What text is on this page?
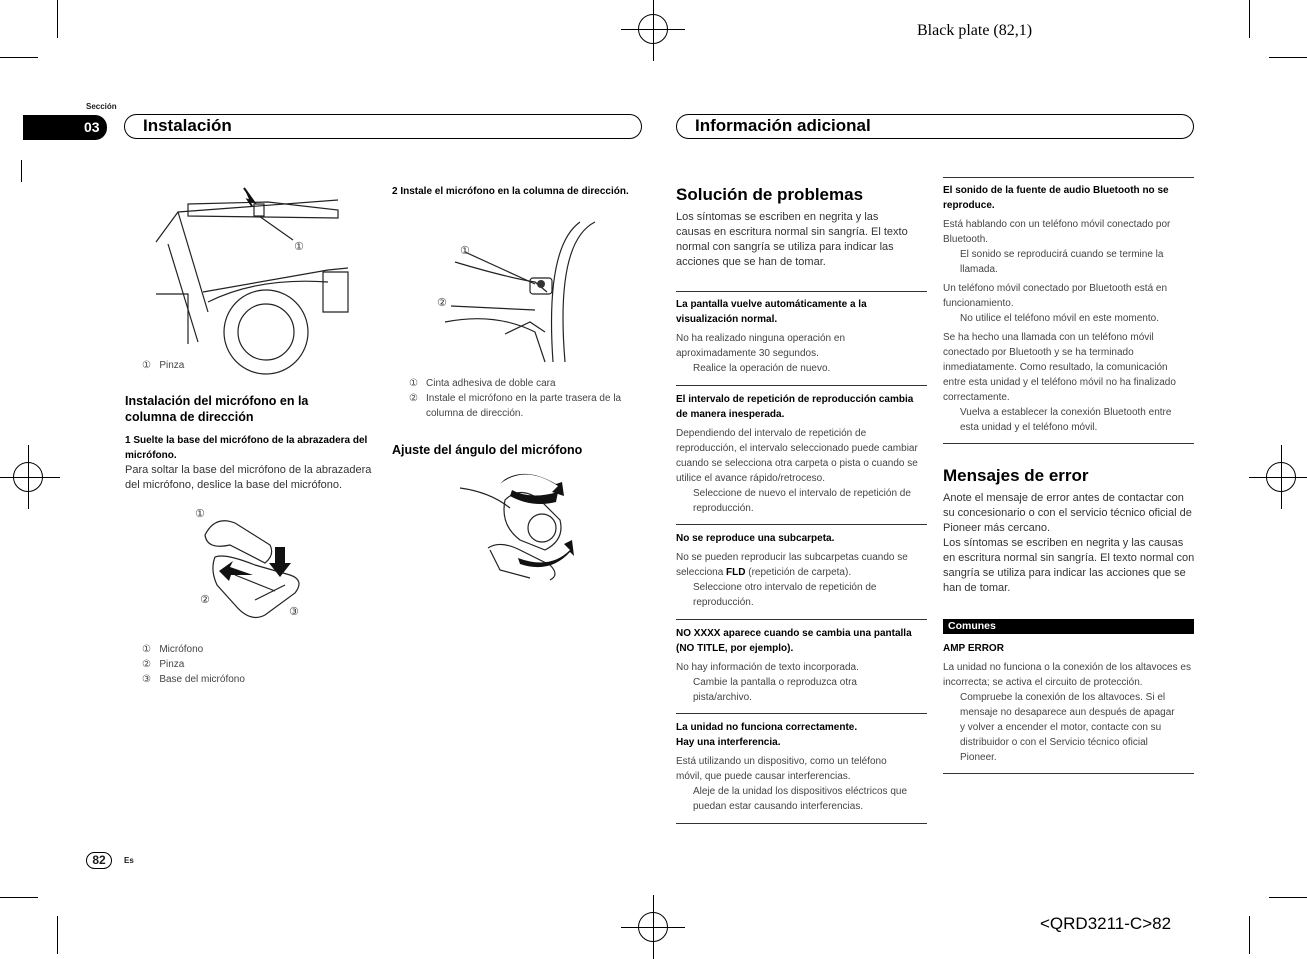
Black plate (82,1)
<QRD3211-C>82
Sección
03	Instalación	Información adicional
①
① Pinza
Instalación del micrófono en la columna de dirección
1 Suelte la base del micrófono de la abrazadera del micrófono.
Para soltar la base del micrófono de la abrazadera del micrófono, deslice la base del micrófono.
①
②
③
① Micrófono
② Pinza
③ Base del micrófono
2 Instale el micrófono en la columna de dirección.
①
②
① Cinta adhesiva de doble cara
② Instale el micrófono en la parte trasera de la columna de dirección.
Ajuste del ángulo del micrófono
Solución de problemas
Los síntomas se escriben en negrita y las causas en escritura normal sin sangría. El texto normal con sangría se utiliza para indicar las acciones que se han de tomar.

La pantalla vuelve automáticamente a la visualización normal.

No ha realizado ninguna operación en aproximadamente 30 segundos.

Realice la operación de nuevo.

El intervalo de repetición de reproducción cambia de manera inesperada.

Dependiendo del intervalo de repetición de reproducción, el intervalo seleccionado puede cambiar cuando se selecciona otra carpeta o pista o cuando se utilice el avance rápido/retroceso.

Seleccione de nuevo el intervalo de repetición de reproducción.

No se reproduce una subcarpeta.

No se pueden reproducir las subcarpetas cuando se selecciona FLD (repetición de carpeta).

Seleccione otro intervalo de repetición de reproducción.

NO XXXX aparece cuando se cambia una pantalla (NO TITLE, por ejemplo).

No hay información de texto incorporada.

Cambie la pantalla o reproduzca otra pista/archivo.

La unidad no funciona correctamente.

Hay una interferencia.

Está utilizando un dispositivo, como un teléfono móvil, que puede causar interferencias.

Aleje de la unidad los dispositivos eléctricos que puedan estar causando interferencias.

El sonido de la fuente de audio Bluetooth no se reproduce.

Está hablando con un teléfono móvil conectado por Bluetooth.

El sonido se reproducirá cuando se termine la llamada.

Un teléfono móvil conectado por Bluetooth está en funcionamiento.

No utilice el teléfono móvil en este momento.

Se ha hecho una llamada con un teléfono móvil conectado por Bluetooth y se ha terminado inmediatamente. Como resultado, la comunicación entre esta unidad y el teléfono móvil no ha finalizado correctamente.

Vuelva a establecer la conexión Bluetooth entre esta unidad y el teléfono móvil.

Mensajes de error

Anote el mensaje de error antes de contactar con su concesionario o con el servicio técnico oficial de Pioneer más cercano.

Los síntomas se escriben en negrita y las causas en escritura normal sin sangría. El texto normal con sangría se utiliza para indicar las acciones que se han de tomar.

Comunes

AMP ERROR

La unidad no funciona o la conexión de los altavoces es incorrecta; se activa el circuito de protección.

Compruebe la conexión de los altavoces. Si el mensaje no desaparece aun después de apagar y volver a encender el motor, contacte con su distribuidor o con el Servicio técnico oficial Pioneer.

82	Es
